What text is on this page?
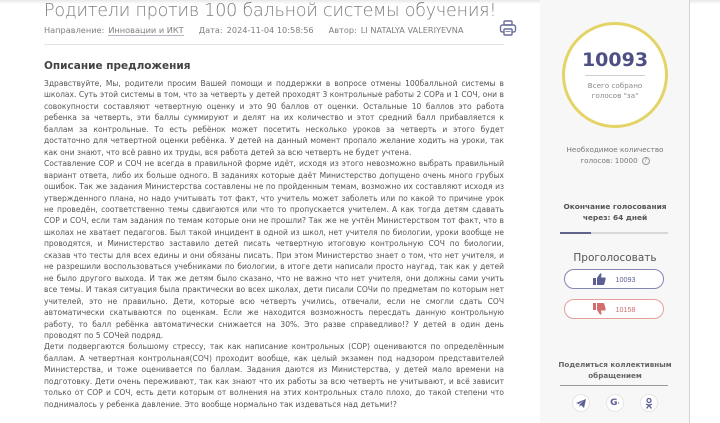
Родители против 100 бальной системы обучения!
Направление: Инновации и ИКТ Дата: 2024-11-04 10:58:56 Автор: LI NATALYA VALERIYEVNA
Описание предложения

Здравствуйте, Мы, родители просим Вашей помощи и поддержки в вопросе отмены 100балльной системы в школах. Суть этой системы в том, что за четверть у детей проходят 3 контрольные работы 2 СОРа и 1 СОЧ, они в совокупности составляют четвертную оценку и это 90 баллов от оценки. Остальные 10 баллов это работа ребенка за четверть, эти баллы суммируют и делят на их количество и этот средний балл прибавляется к баллам за контрольные. То есть ребёнок может посетить несколько уроков за четверть и этого будет достаточно для четвертной оценки ребёнка. У детей на данный момент пропало желание ходить на уроки, так как они знают, что всё равно их труды, вся работа детей за всю четверть не будет учтена.

Составление СОР и СОЧ не всегда в правильной форме идёт, исходя из этого невозможно выбрать правильный вариант ответа, либо их больше одного. В заданиях которые даёт Министерство допущено очень много грубых ошибок. Так же задания Министерства составлены не по пройденным темам, возможно их составляют исходя из утвержденного плана, но надо учитывать тот факт, что учитель может заболеть или по какой то причине урок не проведён, соответственно темы сдвигаются или что то пропускается учителем. А как тогда детям сдавать СОР и СОЧ, если там задания по темам которые они не прошли? Так же не учтён Министерством тот факт, что в школах не хватает педагогов. Был такой инцидент в одной из школ, нет учителя по биологии, уроки вообще не проводятся, и Министерство заставило детей писать четвертную итоговую контрольную СОЧ по биологии, сказав что тесты для всех едины и они обязаны писать. При этом Министерство знает о том, что нет учителя, и не разрешили воспользоваться учебниками по биологии, в итоге дети написали просто наугад, так как у детей не было другого выхода. И так же детям было сказано, что не важно что нет учителя, они должны сами учить все темы. И такая ситуация была практически во всех школах, дети писали СОЧи по предметам по которым нет учителей, это не правильно. Дети, которые всю четверть учились, отвечали, если не смогли сдать СОЧ автоматически скатываются по оценкам. Если же находится возможность пересдать данную контрольную работу, то балл ребёнка автоматически снижается на 30%. Это разве справедливо!? У детей в один день проводят по 5 СОЧей подряд.

Дети подвергаются большому стрессу, так как написание контрольных (СОР) оцениваются по определённым баллам. А четвертная контрольная(СОЧ) проходит вообще, как целый экзамен под надзором представителей Министерства, и тоже оценивается по баллам. Задания даются из Министерства, у детей мало времени на подготовку. Дети очень переживают, так как знают что их работы за всю четверть не учитывают, и всё зависит только от СОР и СОЧ, есть дети которым от волнения на этих контрольных стало плохо, до такой степени что поднималось у ребенка давление. Это вообще нормально так издеваться над детьми!?

10093
Всего собрано
голосов "за"
Необходимое количество
голосов: 10000 ?
Окончание голосования
через: 64 дней
Проголосовать
10093
10158
Поделиться коллективным
обращением
G ·
